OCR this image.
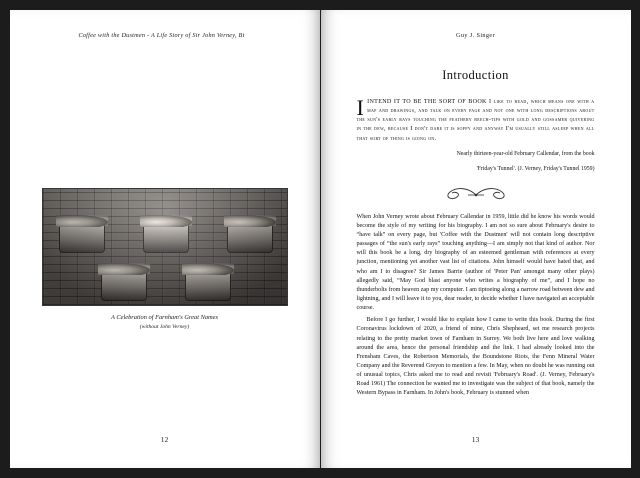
Coffee with the Dustmen - A Life Story of Sir John Verney, Bt
A Celebration of Farnham's Great Names
(without John Verney)
12
Guy J. Singer
Introduction

IINTEND IT TO BE THE SORT OF BOOK I like to read, which means one with a map and drawings, and talk on every page and not one with long descriptions about the sun's early rays touching the feathery beech-tips with gold and gossamer quivering in the dew, because I don't dare it is soppy and anyway I'm usually still asleep when all that sort of thing is going on.

Nearly thirteen-year-old February Callendar, from the book

'Friday's Tunnel'. (J. Verney, Friday's Tunnel 1959)

When John Verney wrote about February Callendar in 1959, little did he know his words would become the style of my writing for his biography. I am not so sure about February's desire to “have talk” on every page, but 'Coffee with the Dustmen' will not contain long descriptive passages of “the sun's early rays” touching anything—I am simply not that kind of author. Nor will this book be a long, dry biography of an esteemed gentleman with references at every junction, mentioning yet another vast list of citations. John himself would have hated that, and who am I to disagree? Sir James Barrie (author of 'Peter Pan' amongst many other plays) allegedly said, “May God blast anyone who writes a biography of me”, and I hope no thunderbolts from heaven zap my computer. I am tiptoeing along a narrow road between dew and lightning, and I will leave it to you, dear reader, to decide whether I have navigated an acceptable course.

Before I go further, I would like to explain how I came to write this book. During the first Coronavirus lockdown of 2020, a friend of mine, Chris Shepheard, set me research projects relating to the pretty market town of Farnham in Surrey. We both live here and love walking around the area, hence the personal friendship and the link. I had already looked into the Frensham Caves, the Robertson Memorials, the Boundstone Riots, the Fenn Mineral Water Company and the Reverend Greyon to mention a few. In May, when no doubt he was running out of unusual topics, Chris asked me to read and revisit 'February's Road'. (J. Verney, February's Road 1961) The connection he wanted me to investigate was the subject of that book, namely the Western Bypass in Farnham. In John's book, February is stunned when

13
